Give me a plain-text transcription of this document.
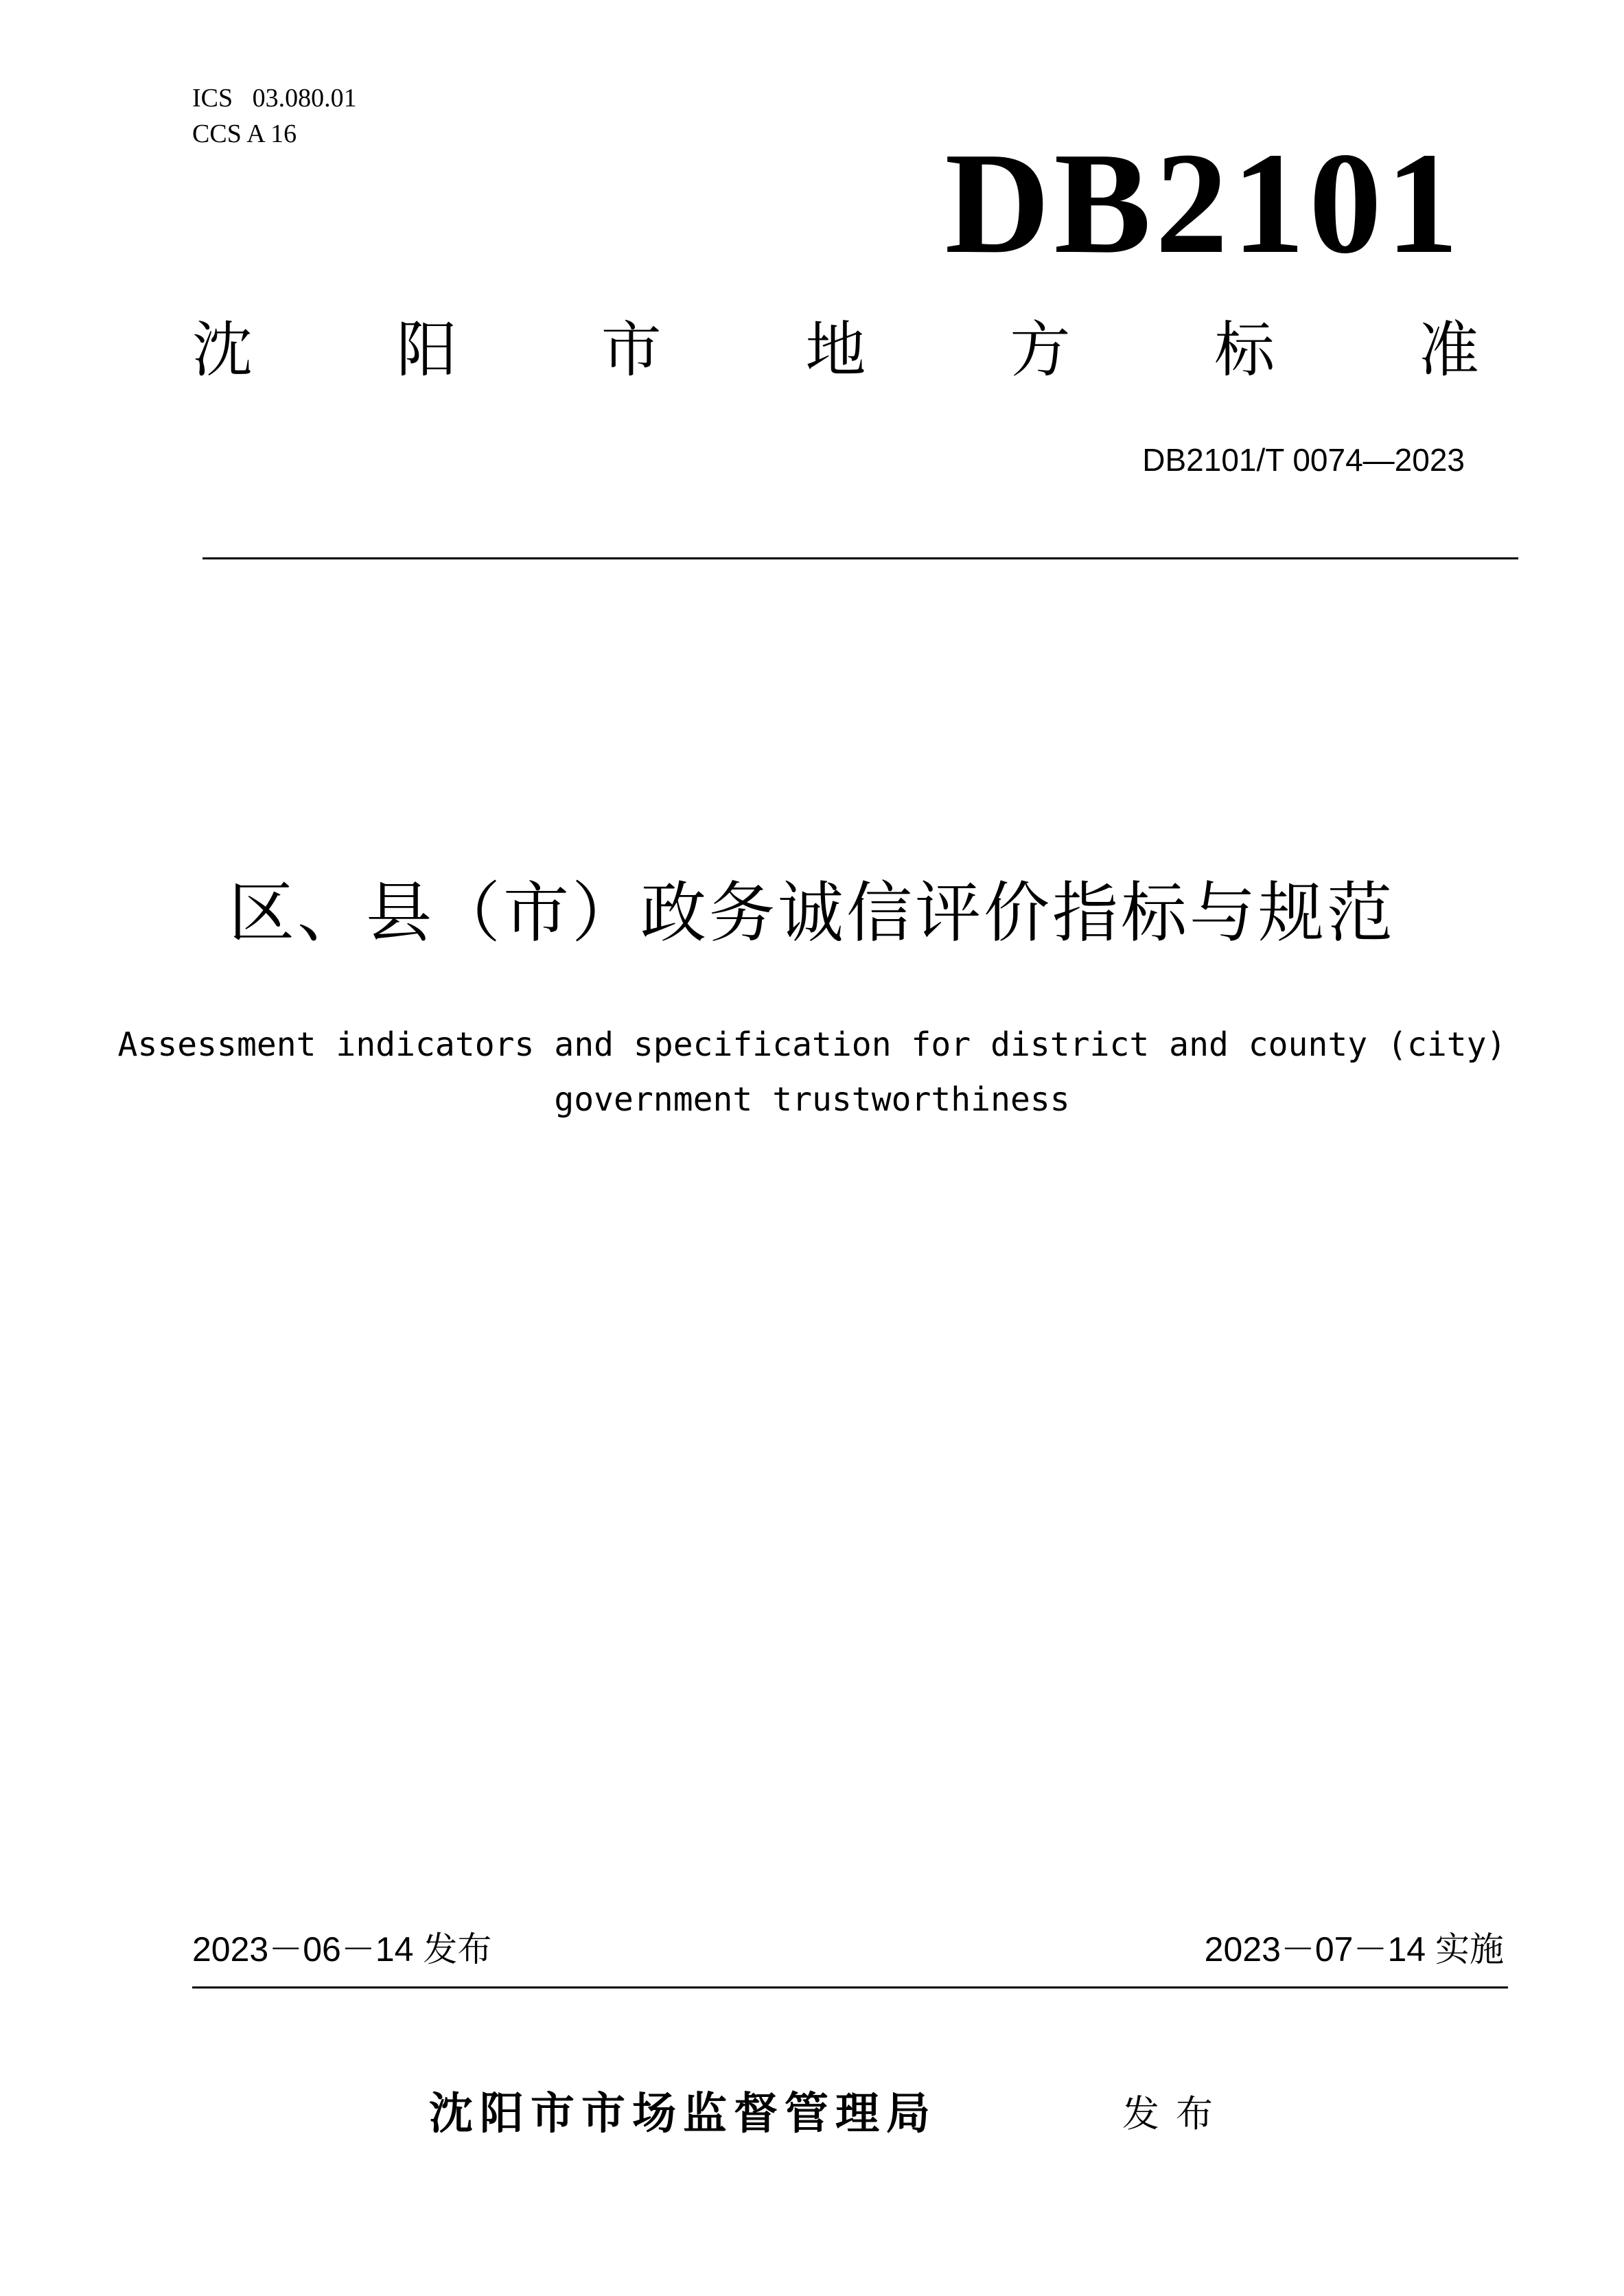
ICS   03.080.01
CCS A 16	DB2101
沈 阳 市 地 方 标 准
DB2101/T 0074—2023
区、县（市）政务诚信评价指标与规范
Assessment indicators and specification for district and county (city)
government trustworthiness
2023－06－14 发布	2023－07－14 实施
沈阳市市场监督管理局	发布
